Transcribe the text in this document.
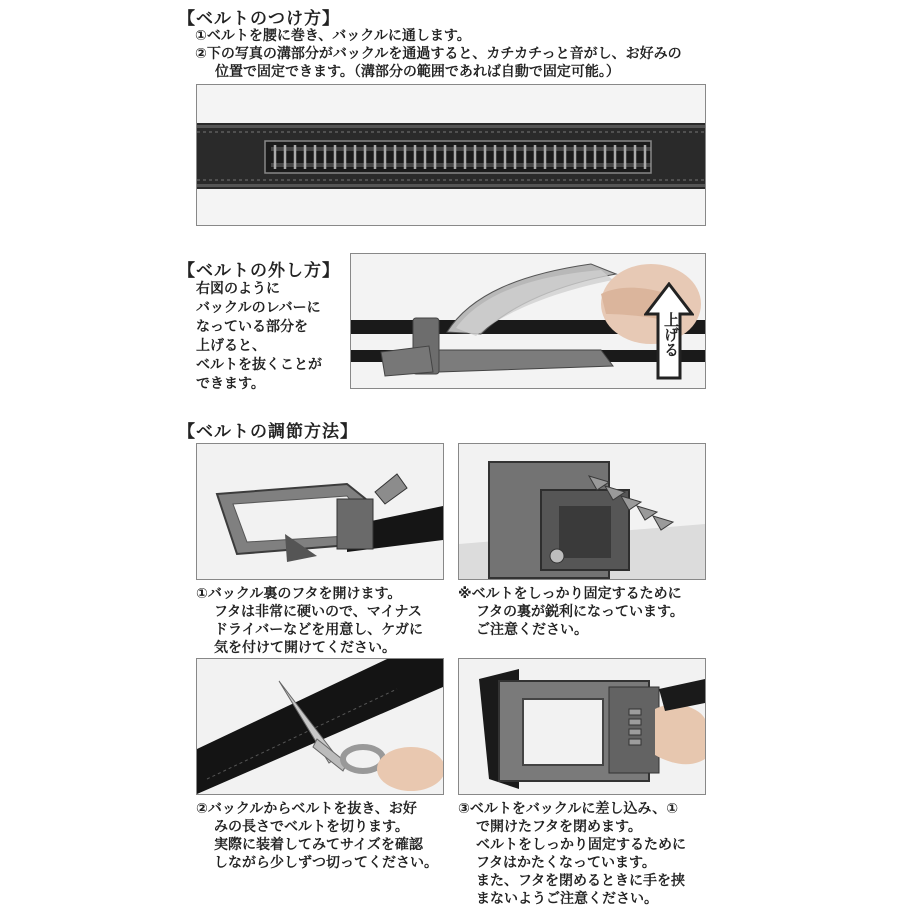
【ベルトのつけ方】
①ベルトを腰に巻き、バックルに通します。
②下の写真の溝部分がバックルを通過すると、カチカチっと音がし、お好みの
位置で固定できます。（溝部分の範囲であれば自動で固定可能。）
【ベルトの外し方】
右図のように
バックルのレバーに
なっている部分を
上げると、
ベルトを抜くことが
できます。
上げる
【ベルトの調節方法】
①バックル裏のフタを開けます。
フタは非常に硬いので、マイナス
ドライバーなどを用意し、ケガに
気を付けて開けてください。
※ベルトをしっかり固定するために
フタの裏が鋭利になっています。
ご注意ください。
②バックルからベルトを抜き、お好
みの長さでベルトを切ります。
実際に装着してみてサイズを確認
しながら少しずつ切ってください。
③ベルトをバックルに差し込み、①
で開けたフタを閉めます。
ベルトをしっかり固定するために
フタはかたくなっています。
また、フタを閉めるときに手を挟
まないようご注意ください。
